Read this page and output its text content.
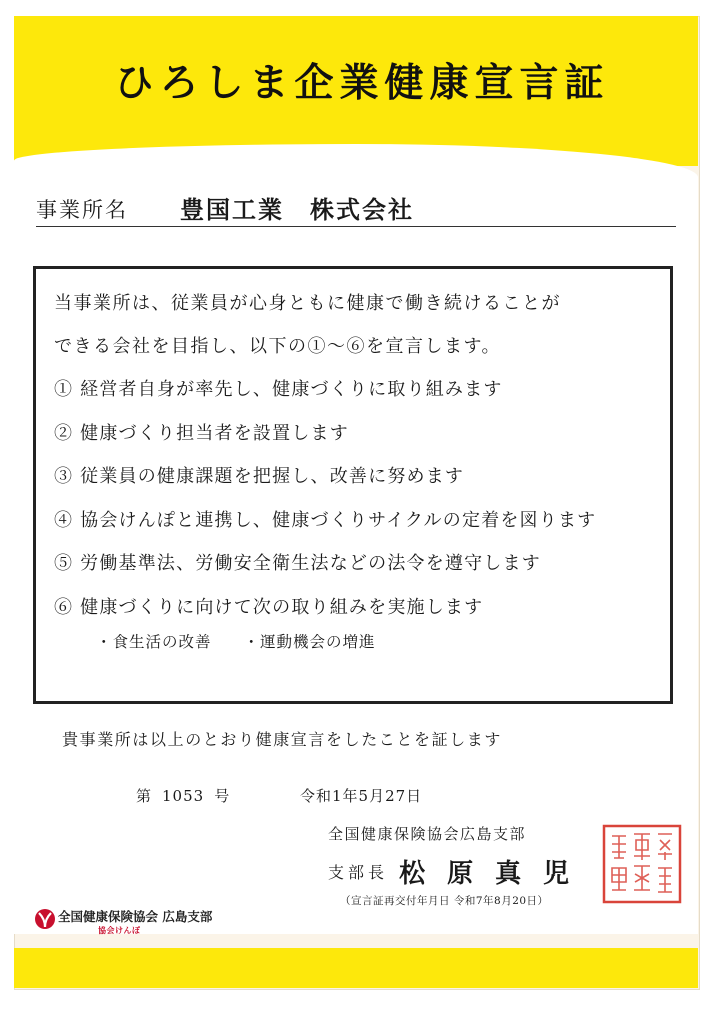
ひろしま企業健康宣言証
事業所名 豊国工業　株式会社
当事業所は、従業員が心身ともに健康で働き続けることが
できる会社を目指し、以下の①～⑥を宣言します。
① 経営者自身が率先し、健康づくりに取り組みます
② 健康づくり担当者を設置します
③ 従業員の健康課題を把握し、改善に努めます
④ 協会けんぽと連携し、健康づくりサイクルの定着を図ります
⑤ 労働基準法、労働安全衛生法などの法令を遵守します
⑥ 健康づくりに向けて次の取り組みを実施します
・食生活の改善 ・運動機会の増進
貴事業所は以上のとおり健康宣言をしたことを証します
第 1053 号	令和1年5月27日
全国健康保険協会広島支部
支部長 松原真児
（宣言証再交付年月日 令和7年8月20日）
全国健康保険協会 広島支部
協会けんぽ
